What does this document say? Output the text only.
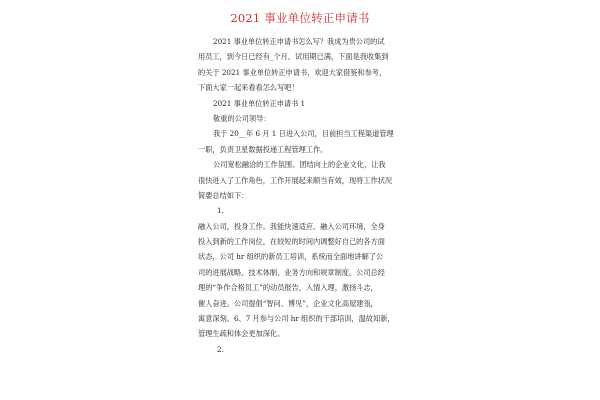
2021 事业单位转正申请书
2021 事业单位转正申请书怎么写？我成为贵公司的试
用员工，到今日已经有_个月，试用期已满，下面是我收集到
的关于 2021 事业单位转正申请书，欢迎大家借鉴和参考，
下面大家一起来看看怎么写吧！
2021 事业单位转正申请书 1
敬重的公司领导：
我于 20__年 6 月 1 日进入公司，目前担当工程渠道管理
一职，负责卫星数据投递工程管理工作。
公司宽松融洽的工作氛围、团结向上的企业文化，让我
很快进入了工作角色，工作开展起来顺当有效，现将工作状况
简要总结如下：
1.
融入公司，投身工作。我能快速适应、融入公司环境，全身
投入到新的工作岗位，在较短的时间内调整好自己的各方面
状态，公司 hr 组织的新员工培训，系统而全面地讲解了公
司的进展战略、技术体制、业务方向和规章制度。公司总经
理的“争作合格员工”的动员报告，入情入理，激扬斗志，
催人奋进。公司提倡“智问、博见”，企业文化高屋建瓴，
寓意深刻。6、7 月参与公司 hr 组织的干部培训，温故知新，
管理生疏和体会更加深化。
2.
